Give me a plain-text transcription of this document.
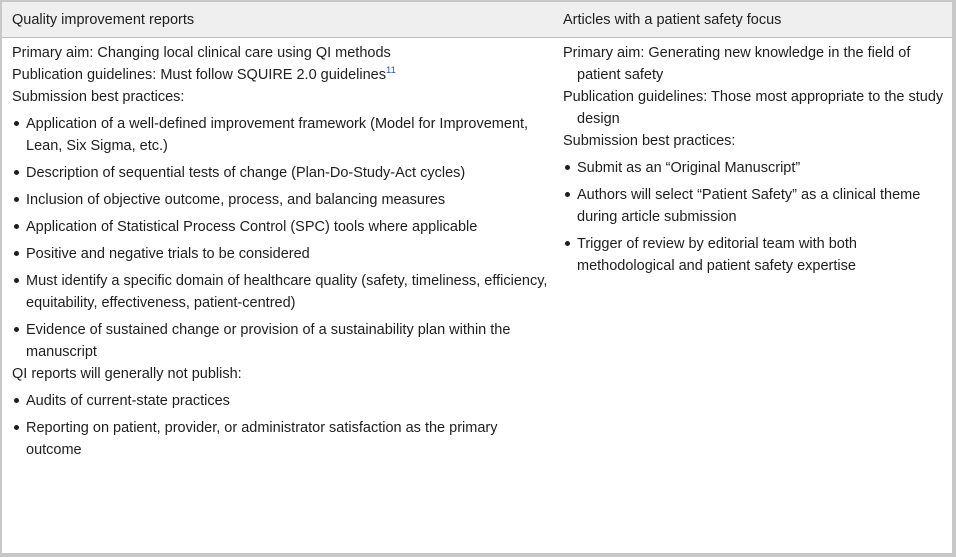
Quality improvement reports	Articles with a patient safety focus

Primary aim: Changing local clinical care using QI methods

Publication guidelines: Must follow SQUIRE 2.0 guidelines$^{11}$

Submission best practices:

Application of a well-defined improvement framework (Model for Improvement, Lean, Six Sigma, etc.)
Description of sequential tests of change (Plan-Do-Study-Act cycles)
Inclusion of objective outcome, process, and balancing measures
Application of Statistical Process Control (SPC) tools where applicable
Positive and negative trials to be considered
Must identify a specific domain of healthcare quality (safety, timeliness, efficiency, equitability, effectiveness, patient-centred)
Evidence of sustained change or provision of a sustainability plan within the manuscript

QI reports will generally not publish:

Audits of current-state practices
Reporting on patient, provider, or administrator satisfaction as the primary outcome

Primary aim: Generating new knowledge in the field of patient safety

Publication guidelines: Those most appropriate to the study design

Submission best practices:

Submit as an “Original Manuscript”
Authors will select “Patient Safety” as a clinical theme during article submission
Trigger of review by editorial team with both methodological and patient safety expertise
